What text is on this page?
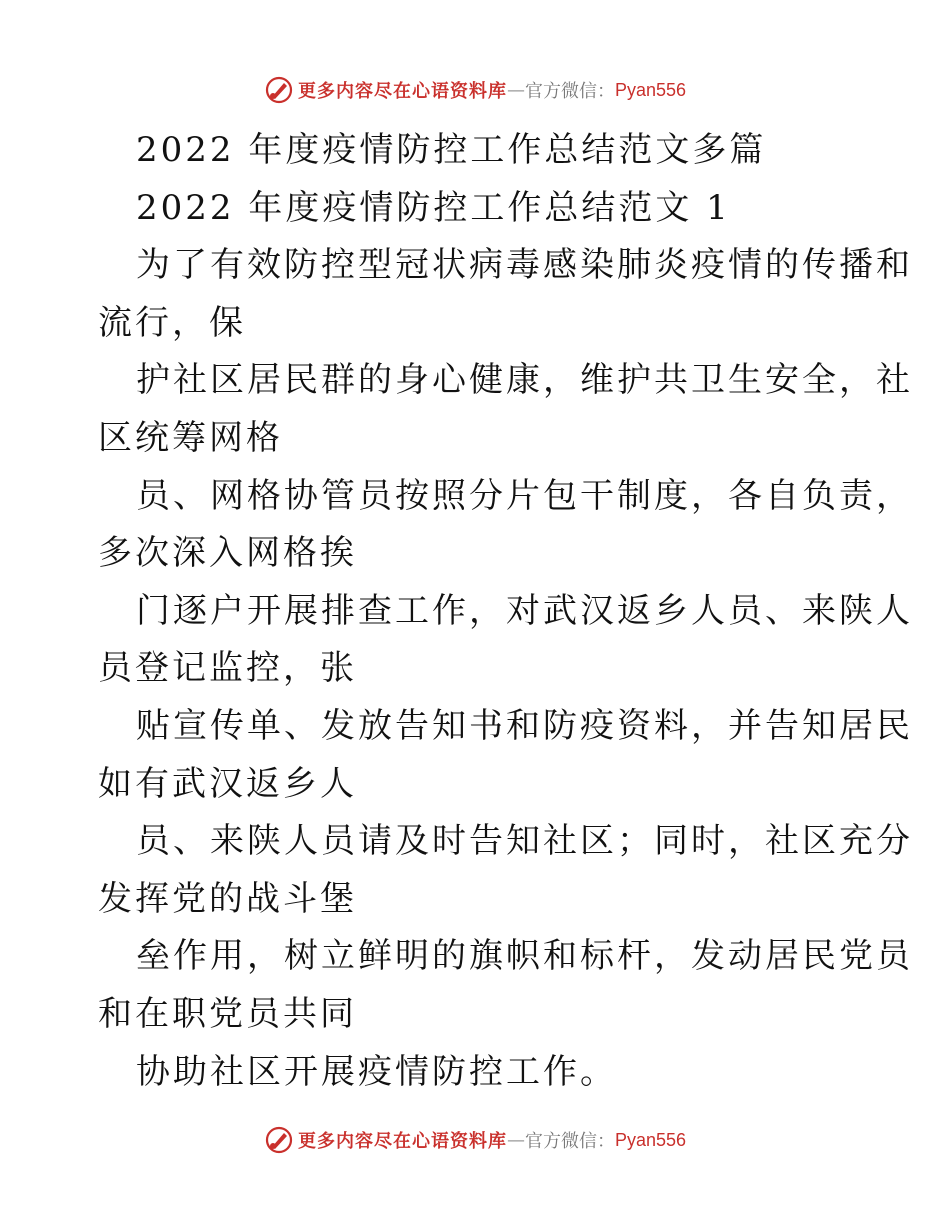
更多内容尽在心语资料库 — 官方微信： Pyan556
2022 年度疫情防控工作总结范文多篇
2022 年度疫情防控工作总结范文 1
为了有效防控型冠状病毒感染肺炎疫情的传播和
流行，保
护社区居民群的身心健康，维护共卫生安全，社
区统筹网格
员、网格协管员按照分片包干制度，各自负责，
多次深入网格挨
门逐户开展排查工作，对武汉返乡人员、来陕人
员登记监控，张
贴宣传单、发放告知书和防疫资料，并告知居民
如有武汉返乡人
员、来陕人员请及时告知社区；同时，社区充分
发挥党的战斗堡
垒作用，树立鲜明的旗帜和标杆，发动居民党员
和在职党员共同
协助社区开展疫情防控工作。
更多内容尽在心语资料库 — 官方微信： Pyan556
